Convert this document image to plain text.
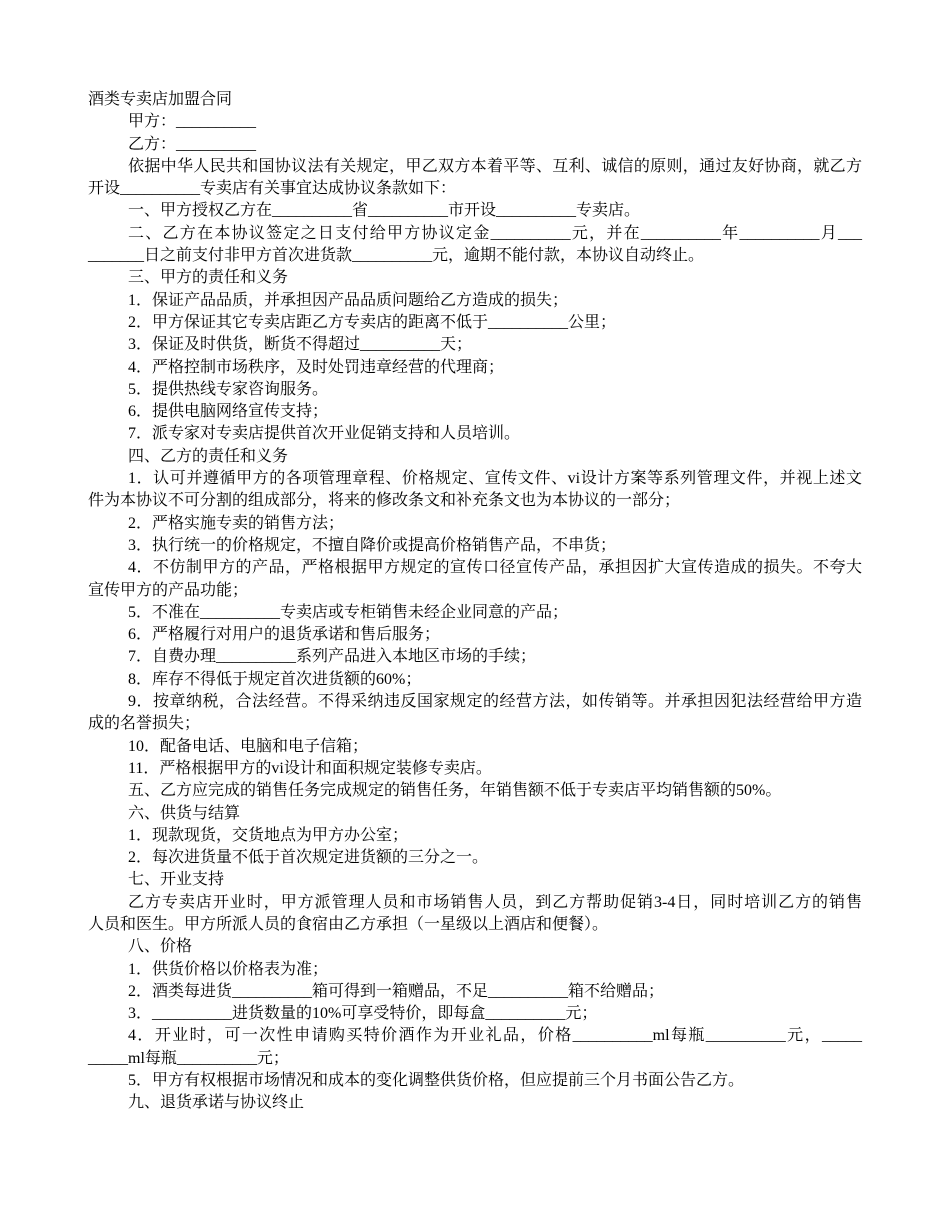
酒类专卖店加盟合同
甲方：__________
乙方：__________
依据中华人民共和国协议法有关规定，甲乙双方本着平等、互利、诚信的原则，通过友好协商，就乙方
开设__________专卖店有关事宜达成协议条款如下：
一、甲方授权乙方在__________省__________市开设__________专卖店。
二、乙方在本协议签定之日支付给甲方协议定金__________元，并在__________年__________月___
_______日之前支付非甲方首次进货款__________元，逾期不能付款，本协议自动终止。
三、甲方的责任和义务
1．保证产品品质，并承担因产品品质问题给乙方造成的损失；
2．甲方保证其它专卖店距乙方专卖店的距离不低于__________公里；
3．保证及时供货，断货不得超过__________天；
4．严格控制市场秩序，及时处罚违章经营的代理商；
5．提供热线专家咨询服务。
6．提供电脑网络宣传支持；
7．派专家对专卖店提供首次开业促销支持和人员培训。
四、乙方的责任和义务
1．认可并遵循甲方的各项管理章程、价格规定、宣传文件、vi设计方案等系列管理文件，并视上述文
件为本协议不可分割的组成部分，将来的修改条文和补充条文也为本协议的一部分；
2．严格实施专卖的销售方法；
3．执行统一的价格规定，不擅自降价或提高价格销售产品，不串货；
4．不仿制甲方的产品，严格根据甲方规定的宣传口径宣传产品，承担因扩大宣传造成的损失。不夸大
宣传甲方的产品功能；
5．不准在__________专卖店或专柜销售未经企业同意的产品；
6．严格履行对用户的退货承诺和售后服务；
7．自费办理__________系列产品进入本地区市场的手续；
8．库存不得低于规定首次进货额的60%；
9．按章纳税，合法经营。不得采纳违反国家规定的经营方法，如传销等。并承担因犯法经营给甲方造
成的名誉损失；
10．配备电话、电脑和电子信箱；
11．严格根据甲方的vi设计和面积规定装修专卖店。
五、乙方应完成的销售任务完成规定的销售任务，年销售额不低于专卖店平均销售额的50%。
六、供货与结算
1．现款现货，交货地点为甲方办公室；
2．每次进货量不低于首次规定进货额的三分之一。
七、开业支持
乙方专卖店开业时，甲方派管理人员和市场销售人员，到乙方帮助促销3-4日，同时培训乙方的销售
人员和医生。甲方所派人员的食宿由乙方承担（一星级以上酒店和便餐）。
八、价格
1．供货价格以价格表为准；
2．酒类每进货__________箱可得到一箱赠品，不足__________箱不给赠品；
3．__________进货数量的10%可享受特价，即每盒__________元；
4．开业时，可一次性申请购买特价酒作为开业礼品，价格__________ml每瓶__________元，_____
_____ml每瓶__________元；
5．甲方有权根据市场情况和成本的变化调整供货价格，但应提前三个月书面公告乙方。
九、退货承诺与协议终止
